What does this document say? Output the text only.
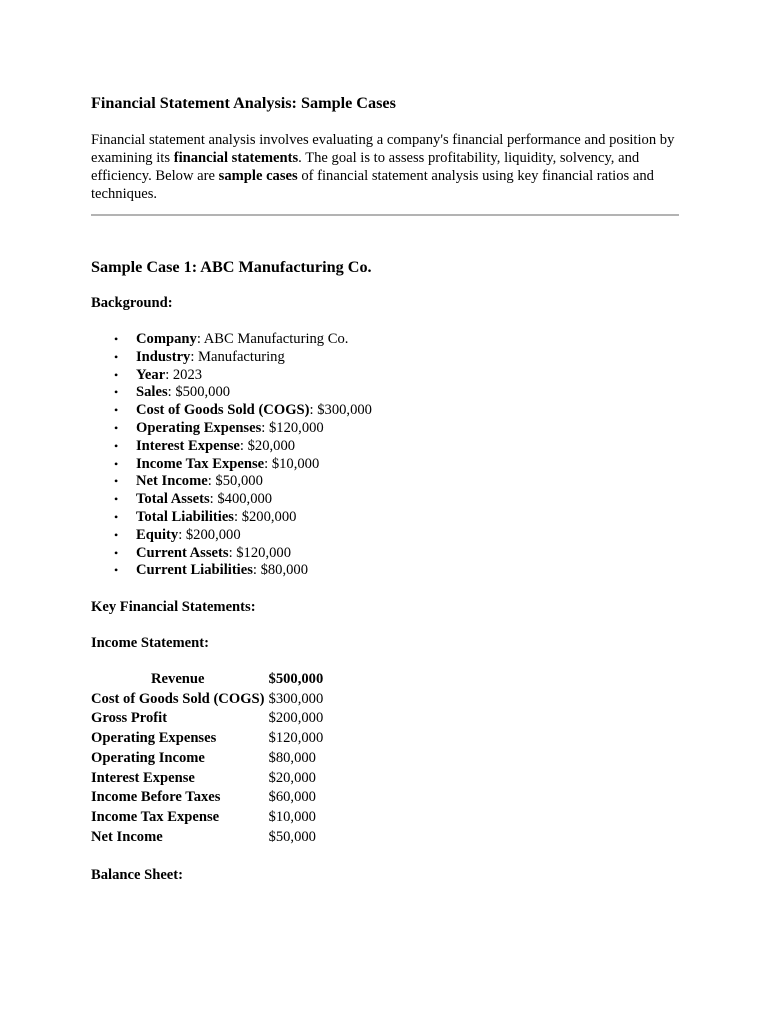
Financial Statement Analysis: Sample Cases

Financial statement analysis involves evaluating a company's financial performance and position by examining its financial statements. The goal is to assess profitability, liquidity, solvency, and efficiency. Below are sample cases of financial statement analysis using key financial ratios and techniques.

Sample Case 1: ABC Manufacturing Co.

Background:

• Company: ABC Manufacturing Co.
• Industry: Manufacturing
• Year: 2023
• Sales: $500,000
• Cost of Goods Sold (COGS): $300,000
• Operating Expenses: $120,000
• Interest Expense: $20,000
• Income Tax Expense: $10,000
• Net Income: $50,000
• Total Assets: $400,000
• Total Liabilities: $200,000
• Equity: $200,000
• Current Assets: $120,000
• Current Liabilities: $80,000

Key Financial Statements:

Income Statement:

Revenue	$500,000
Cost of Goods Sold (COGS)	$300,000
Gross Profit	$200,000
Operating Expenses	$120,000
Operating Income	$80,000
Interest Expense	$20,000
Income Before Taxes	$60,000
Income Tax Expense	$10,000
Net Income	$50,000

Balance Sheet:
